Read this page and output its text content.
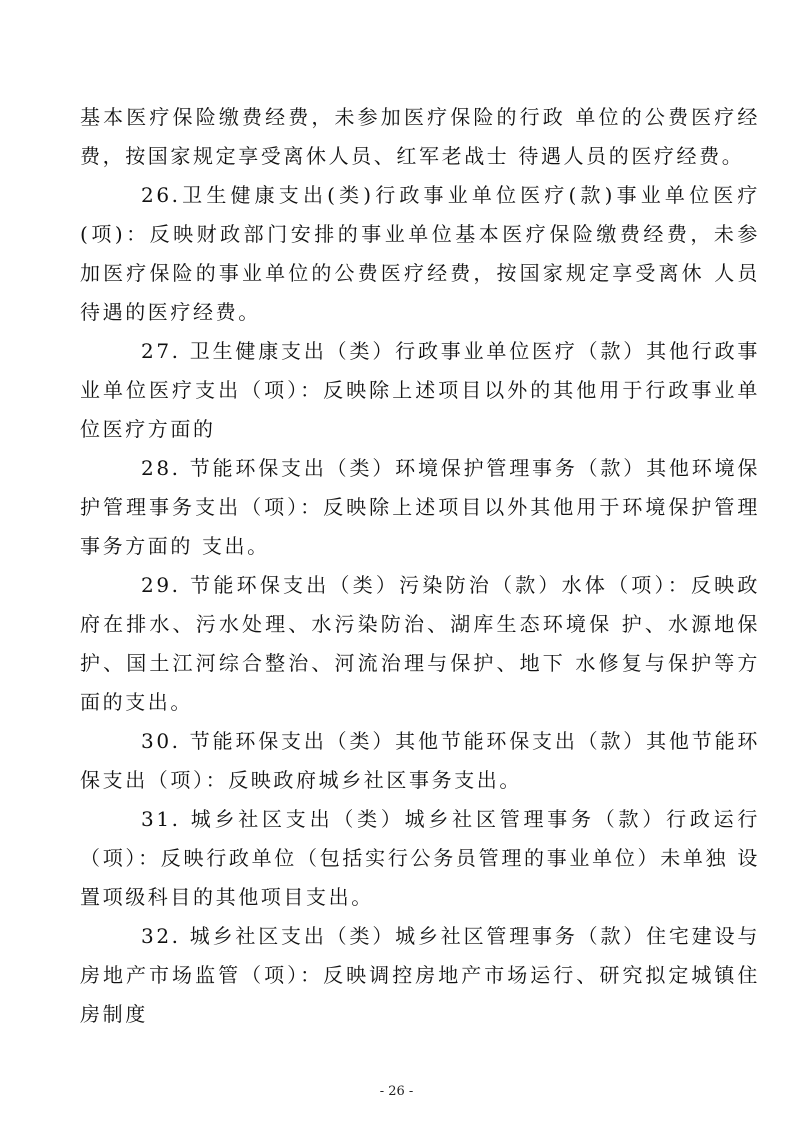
基本医疗保险缴费经费，未参加医疗保险的行政 单位的公费医疗经费，按国家规定享受离休人员、红军老战士 待遇人员的医疗经费。

26.卫生健康支出(类)行政事业单位医疗(款)事业单位医疗(项)：反映财政部门安排的事业单位基本医疗保险缴费经费，未参 加医疗保险的事业单位的公费医疗经费，按国家规定享受离休 人员待遇的医疗经费。

27. 卫生健康支出（类）行政事业单位医疗（款）其他行政事业单位医疗支出（项）：反映除上述项目以外的其他用于行政事业单位医疗方面的

28. 节能环保支出（类）环境保护管理事务（款）其他环境保护管理事务支出（项）：反映除上述项目以外其他用于环境保护管理事务方面的 支出。

29. 节能环保支出（类）污染防治（款）水体（项）：反映政府在排水、污水处理、水污染防治、湖库生态环境保 护、水源地保护、国土江河综合整治、河流治理与保护、地下 水修复与保护等方面的支出。

30. 节能环保支出（类）其他节能环保支出（款）其他节能环保支出（项）：反映政府城乡社区事务支出。

31. 城乡社区支出（类）城乡社区管理事务（款）行政运行（项）：反映行政单位（包括实行公务员管理的事业单位）未单独 设置项级科目的其他项目支出。

32. 城乡社区支出（类）城乡社区管理事务（款）住宅建设与房地产市场监管（项）：反映调控房地产市场运行、研究拟定城镇住房制度

- 26 -
